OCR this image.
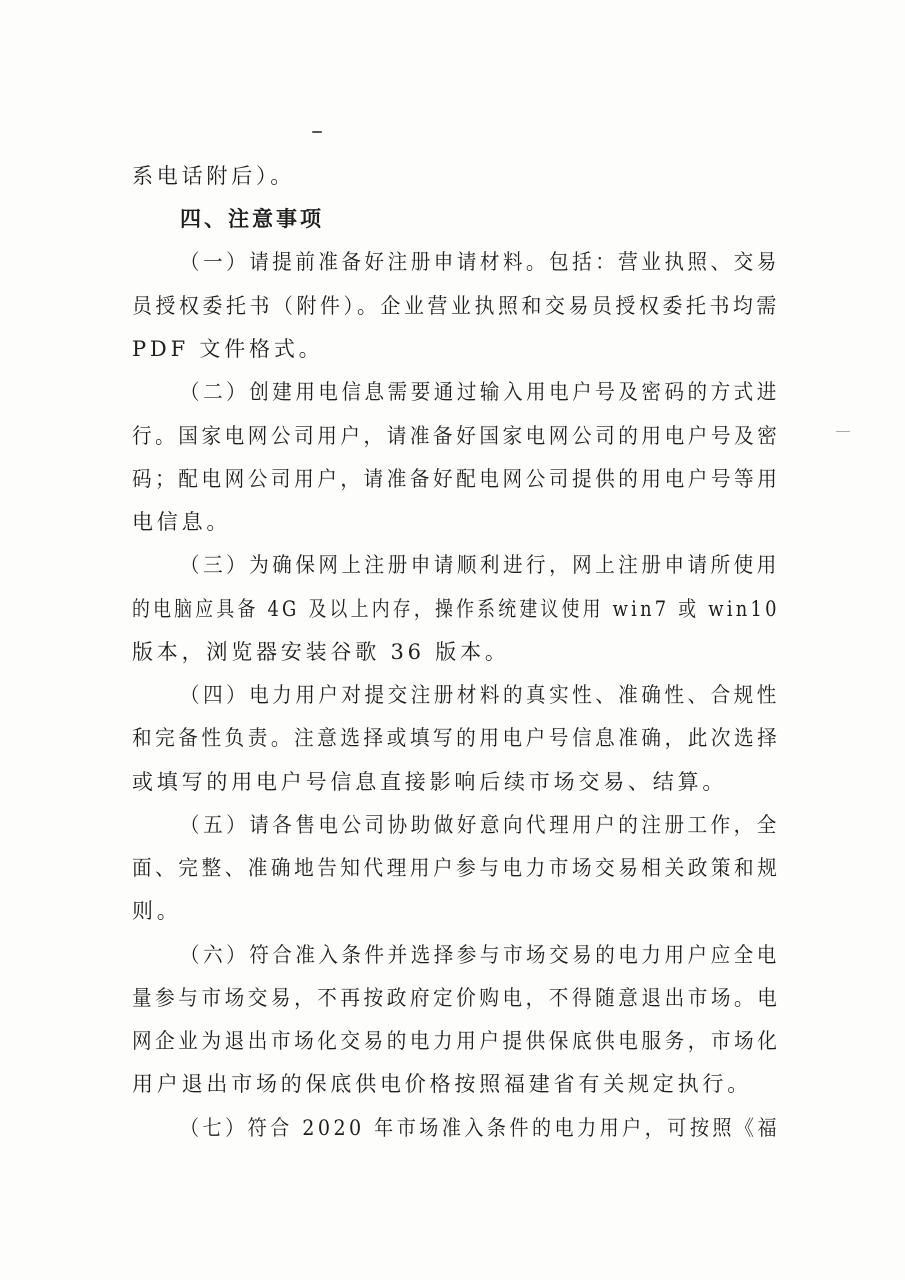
系电话附后）。
四、注意事项
（一）请提前准备好注册申请材料。包括：营业执照、交易
员授权委托书（附件）。企业营业执照和交易员授权委托书均需
PDF 文件格式。
（二）创建用电信息需要通过输入用电户号及密码的方式进
行。国家电网公司用户，请准备好国家电网公司的用电户号及密
码；配电网公司用户，请准备好配电网公司提供的用电户号等用
电信息。
（三）为确保网上注册申请顺利进行，网上注册申请所使用
的电脑应具备 4G 及以上内存，操作系统建议使用 win7 或 win10
版本，浏览器安装谷歌 36 版本。
（四）电力用户对提交注册材料的真实性、准确性、合规性
和完备性负责。注意选择或填写的用电户号信息准确，此次选择
或填写的用电户号信息直接影响后续市场交易、结算。
（五）请各售电公司协助做好意向代理用户的注册工作，全
面、完整、准确地告知代理用户参与电力市场交易相关政策和规
则。
（六）符合准入条件并选择参与市场交易的电力用户应全电
量参与市场交易，不再按政府定价购电，不得随意退出市场。电
网企业为退出市场化交易的电力用户提供保底供电服务，市场化
用户退出市场的保底供电价格按照福建省有关规定执行。
（七）符合 2020 年市场准入条件的电力用户，可按照《福
